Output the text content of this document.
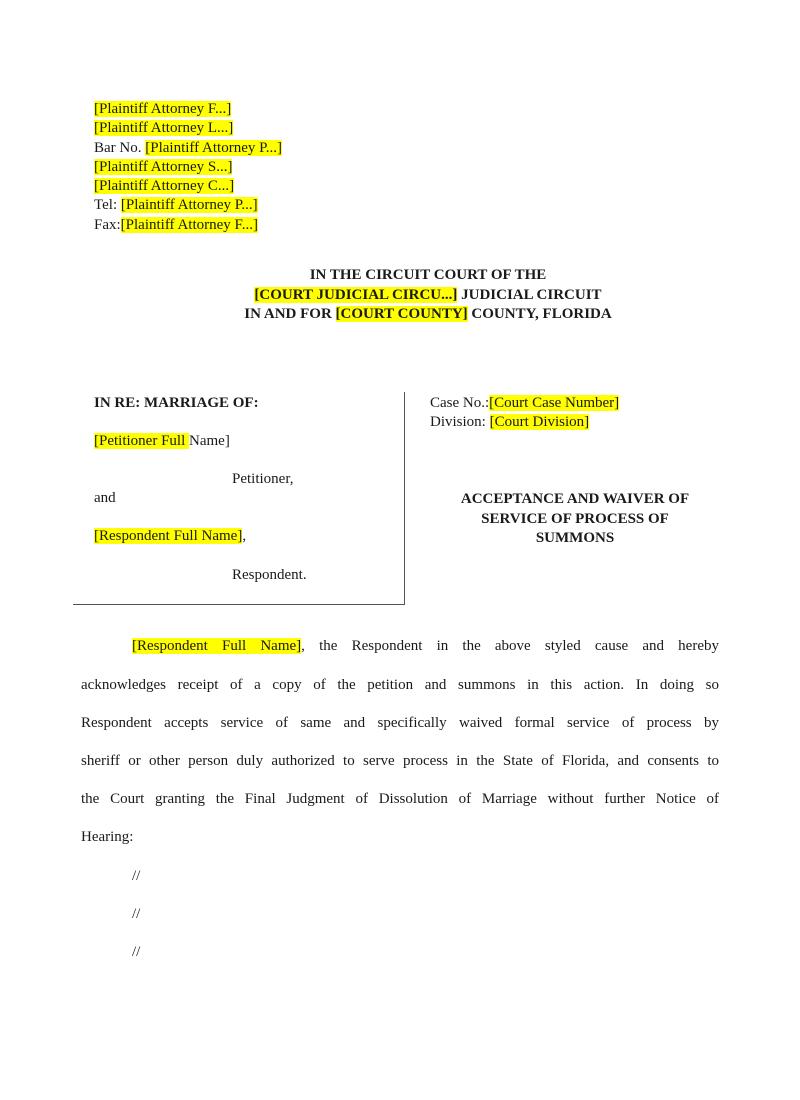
[Plaintiff Attorney F...]
[Plaintiff Attorney L...]
Bar No. [Plaintiff Attorney P...]
[Plaintiff Attorney S...]
[Plaintiff Attorney C...]
Tel: [Plaintiff Attorney P...]
Fax:[Plaintiff Attorney F...]
IN THE CIRCUIT COURT OF THE
[COURT JUDICIAL CIRCU...] JUDICIAL CIRCUIT
IN AND FOR [COURT COUNTY] COUNTY, FLORIDA
IN RE: MARRIAGE OF:
[Petitioner Full Name]
Petitioner,
and
[Respondent Full Name],
Respondent.
Case No.:[Court Case Number]
Division: [Court Division]
ACCEPTANCE AND WAIVER OF
SERVICE OF PROCESS OF
SUMMONS
[Respondent Full Name], the Respondent in the above styled cause and hereby
acknowledges receipt of a copy of the petition and summons in this action. In doing so
Respondent accepts service of same and specifically waived formal service of process by
sheriff or other person duly authorized to serve process in the State of Florida, and consents to
the Court granting the Final Judgment of Dissolution of Marriage without further Notice of
Hearing:
//
//
//
